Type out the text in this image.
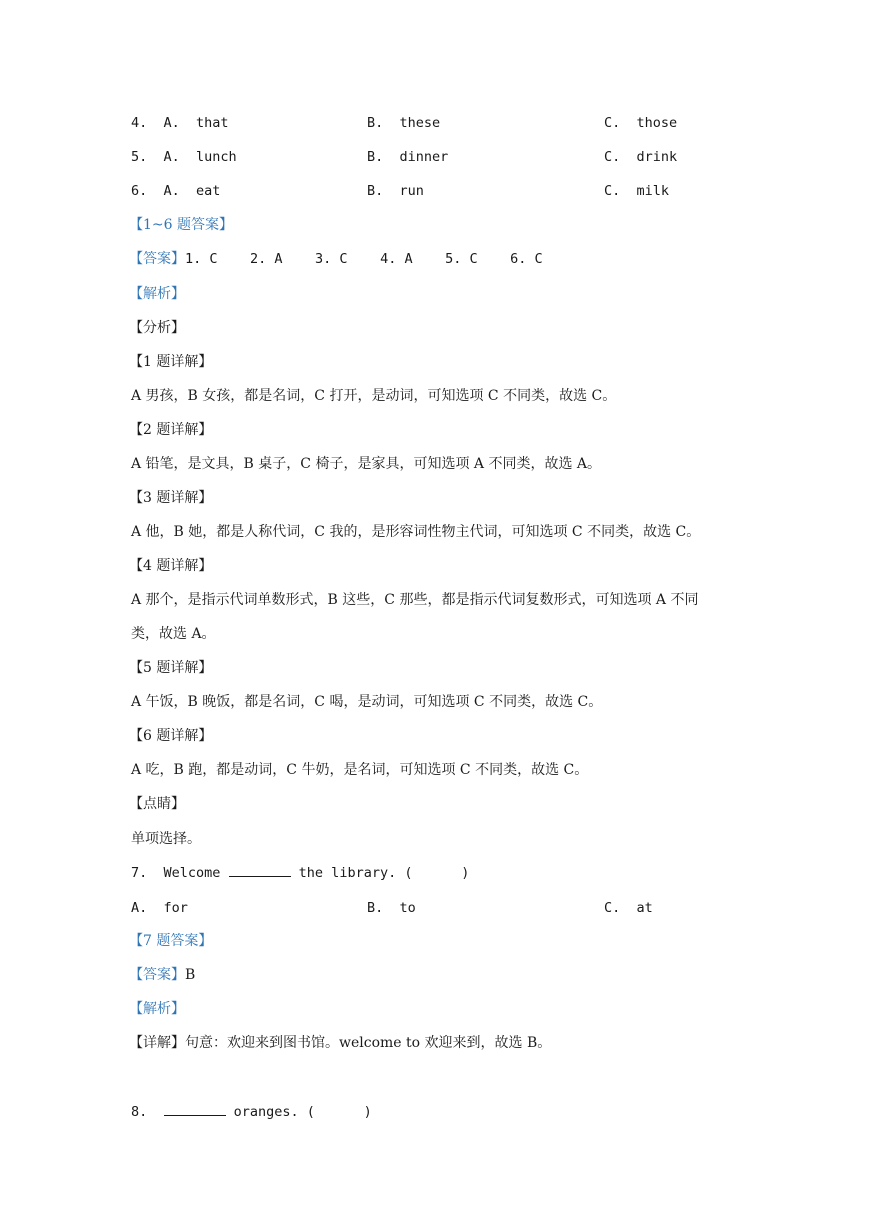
4. A.  that	B.  these	C.  those
5. A.  lunch	B.  dinner	C.  drink
6. A.  eat	B.  run	C.  milk
【1~6 题答案】
【答案】1. C    2. A    3. C    4. A    5. C    6. C
【解析】
【分析】
【1 题详解】
A 男孩，B 女孩，都是名词，C 打开，是动词，可知选项 C 不同类，故选 C。
【2 题详解】
A 铅笔，是文具，B 桌子，C 椅子，是家具，可知选项 A 不同类，故选 A。
【3 题详解】
A 他，B 她，都是人称代词，C 我的，是形容词性物主代词，可知选项 C 不同类，故选 C。
【4 题详解】
A 那个，是指示代词单数形式，B 这些，C 那些，都是指示代词复数形式，可知选项 A 不同
类，故选 A。
【5 题详解】
A 午饭，B 晚饭，都是名词，C 喝，是动词，可知选项 C 不同类，故选 C。
【6 题详解】
A 吃，B 跑，都是动词，C 牛奶，是名词，可知选项 C 不同类，故选 C。
【点睛】
单项选择。
7.  Welcome	the library. (      )
A.  for	B.  to	C.  at
【7 题答案】
【答案】B
【解析】
【详解】句意：欢迎来到图书馆。welcome to 欢迎来到，故选 B。
8.	oranges. (      )
